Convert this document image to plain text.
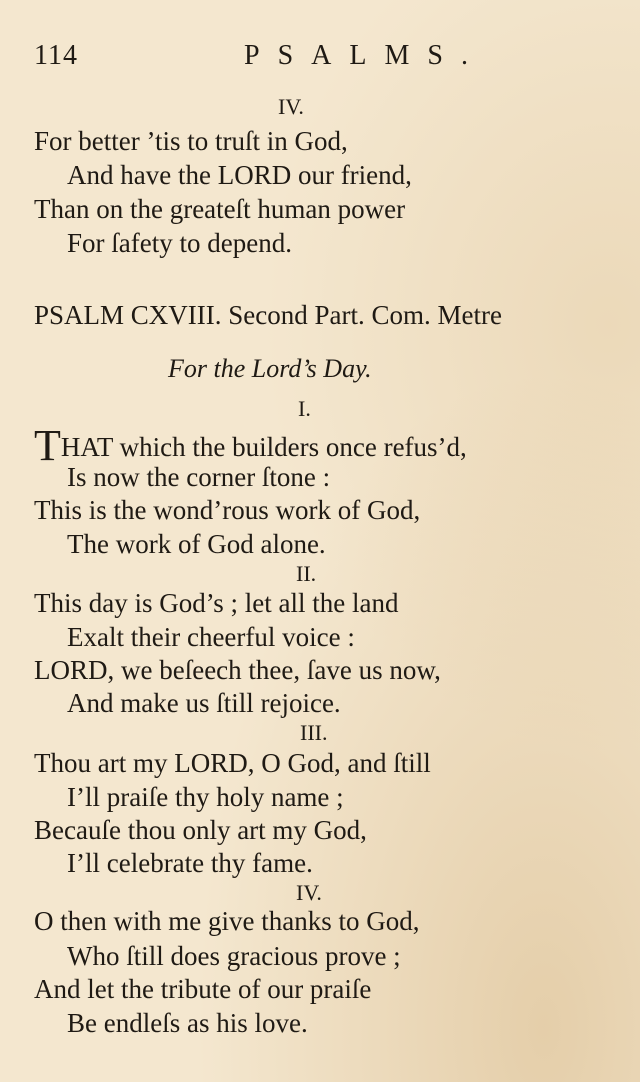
114	PSALMS.
IV.
For better ’tis to truſt in God,
And have the LORD our friend,
Than on the greateſt human power
For ſafety to depend.
PSALM CXVIII. Second Part. Com. Metre
For the Lord’s Day.
I.
THAT which the builders once refus’d,
Is now the corner ſtone :
This is the wond’rous work of God,
The work of God alone.
II.
This day is God’s ; let all the land
Exalt their cheerful voice :
LORD, we beſeech thee, ſave us now,
And make us ſtill rejoice.
III.
Thou art my LORD, O God, and ſtill
I’ll praiſe thy holy name ;
Becauſe thou only art my God,
I’ll celebrate thy fame.
IV.
O then with me give thanks to God,
Who ſtill does gracious prove ;
And let the tribute of our praiſe
Be endleſs as his love.
